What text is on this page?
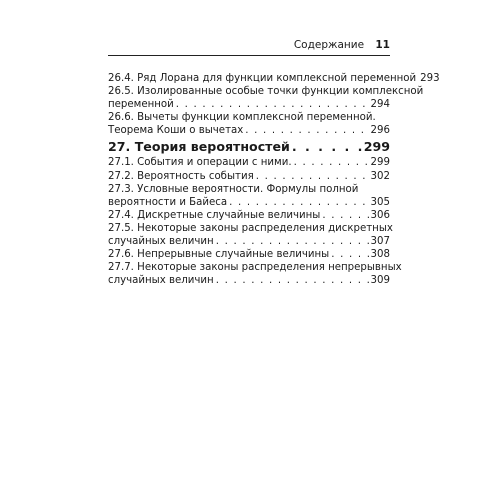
Содержание 11
26.4. Ряд Лорана для функции комплексной переменной 293
26.5. Изолированные особые точки функции комплексной
переменной . . .	294
26.6. Вычеты функции комплексной переменной.
Теорема Коши о вычетах . . .	296
27. Теория вероятностей . . .	299
27.1. События и операции с ними. . . .	299
27.2. Вероятность события . . .	302
27.3. Условные вероятности. Формулы полной
вероятности и Байеса . . .	305
27.4. Дискретные случайные величины . . .	306
27.5. Некоторые законы распределения дискретных
случайных величин . . .	307
27.6. Непрерывные случайные величины . . .	308
27.7. Некоторые законы распределения непрерывных
случайных величин . . .	309
